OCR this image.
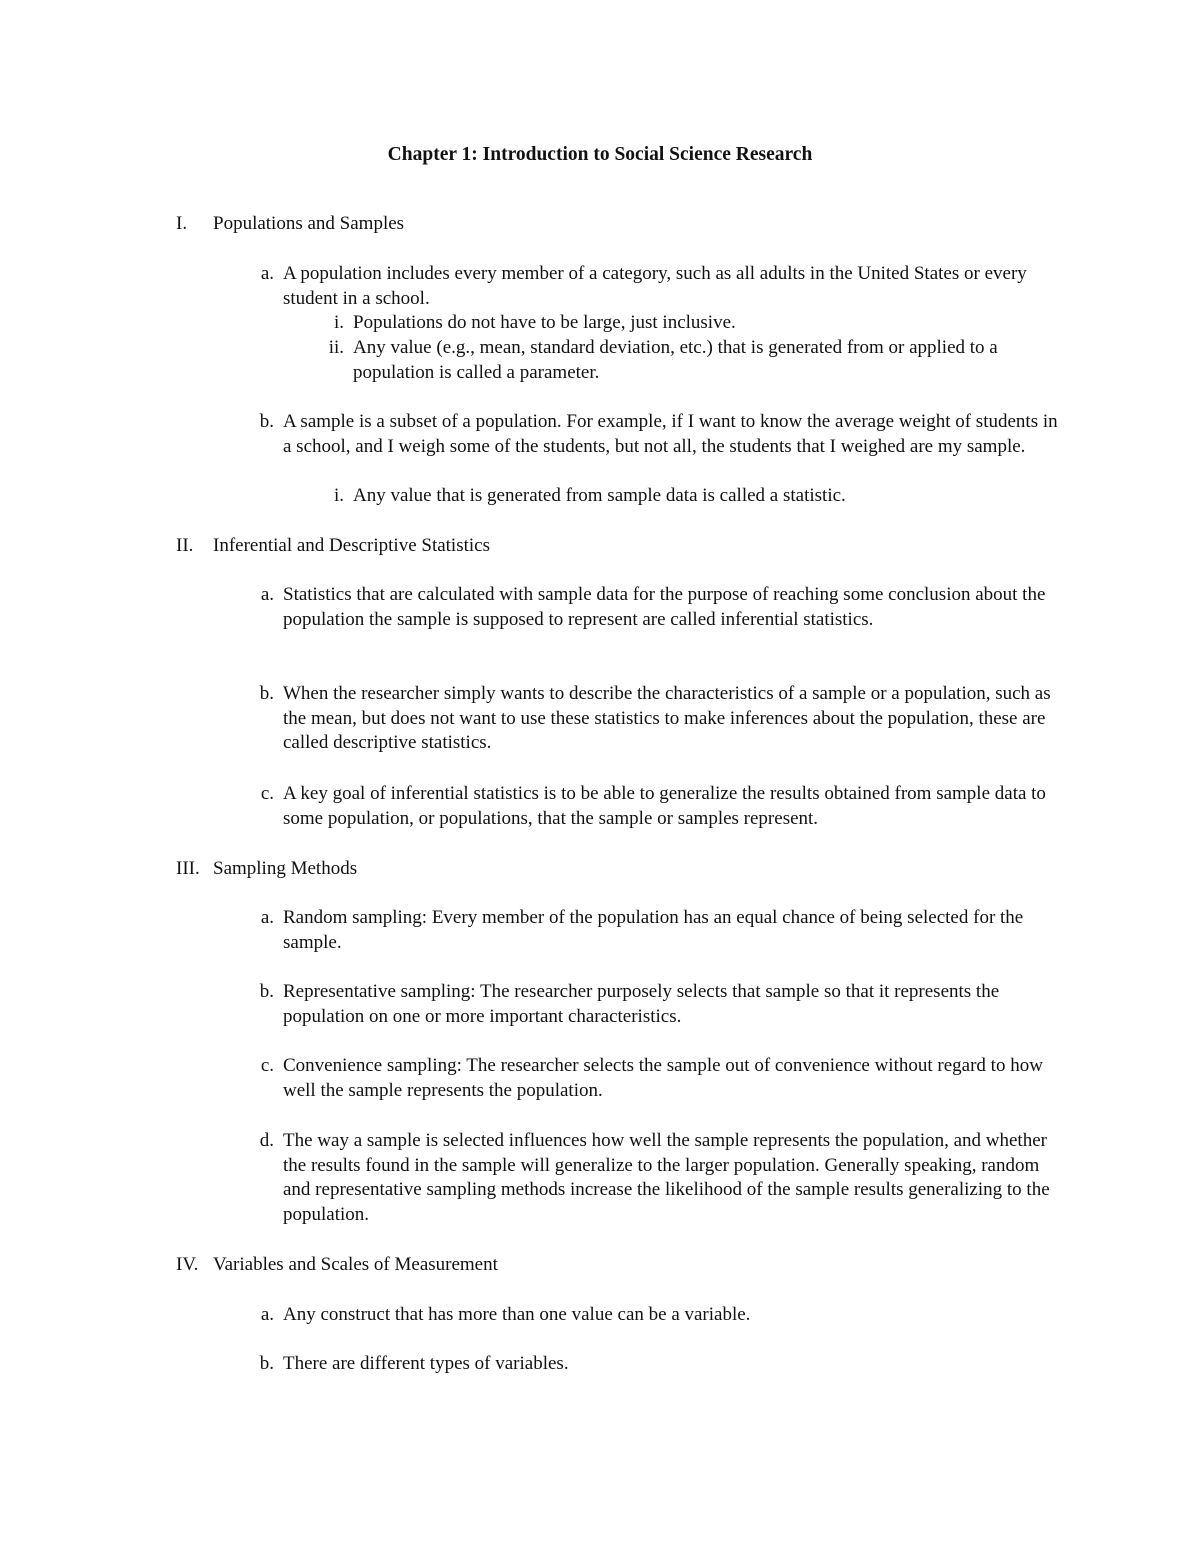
Chapter 1: Introduction to Social Science Research
I. Populations and Samples
a. A population includes every member of a category, such as all adults in the United States or every student in a school.
i. Populations do not have to be large, just inclusive.
ii. Any value (e.g., mean, standard deviation, etc.) that is generated from or applied to a population is called a parameter.
b. A sample is a subset of a population. For example, if I want to know the average weight of students in a school, and I weigh some of the students, but not all, the students that I weighed are my sample.
i. Any value that is generated from sample data is called a statistic.
II. Inferential and Descriptive Statistics
a. Statistics that are calculated with sample data for the purpose of reaching some conclusion about the population the sample is supposed to represent are called inferential statistics.
b. When the researcher simply wants to describe the characteristics of a sample or a population, such as the mean, but does not want to use these statistics to make inferences about the population, these are called descriptive statistics.
c. A key goal of inferential statistics is to be able to generalize the results obtained from sample data to some population, or populations, that the sample or samples represent.
III. Sampling Methods
a. Random sampling: Every member of the population has an equal chance of being selected for the sample.
b. Representative sampling: The researcher purposely selects that sample so that it represents the population on one or more important characteristics.
c. Convenience sampling: The researcher selects the sample out of convenience without regard to how well the sample represents the population.
d. The way a sample is selected influences how well the sample represents the population, and whether the results found in the sample will generalize to the larger population. Generally speaking, random and representative sampling methods increase the likelihood of the sample results generalizing to the population.
IV. Variables and Scales of Measurement
a. Any construct that has more than one value can be a variable.
b. There are different types of variables.
